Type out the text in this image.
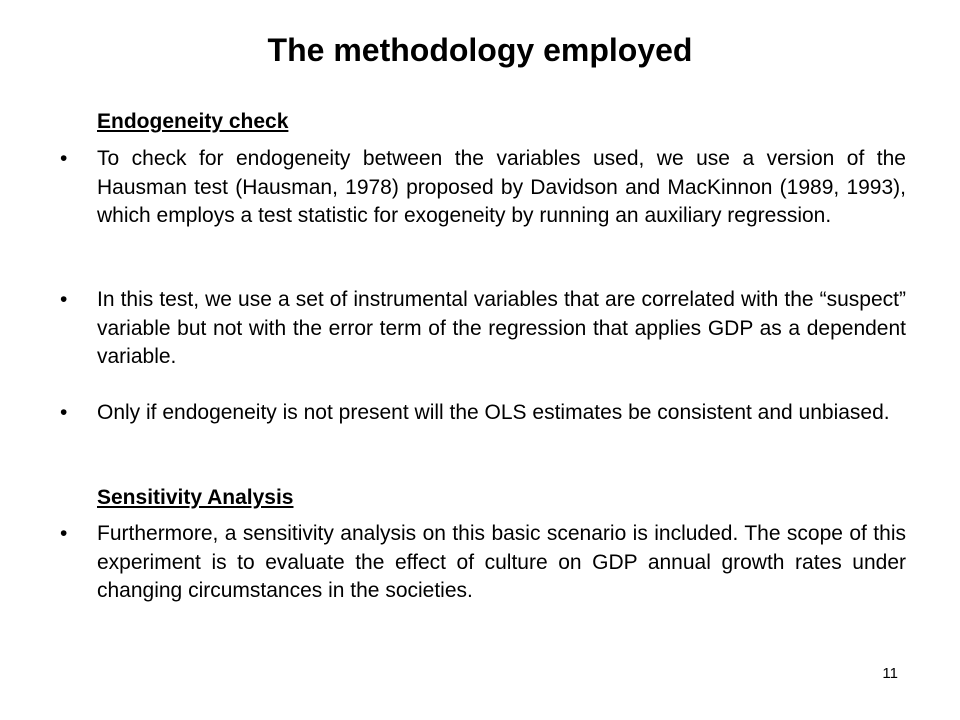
The methodology employed
Endogeneity check
•	To check for endogeneity between the variables used, we use a version of the Hausman test (Hausman, 1978) proposed by Davidson and MacKinnon (1989, 1993), which employs a test statistic for exogeneity by running an auxiliary regression.
•	In this test, we use a set of instrumental variables that are correlated with the “suspect” variable but not with the error term of the regression that applies GDP as a dependent variable.
•	Only if endogeneity is not present will the OLS estimates be consistent and unbiased.
Sensitivity Analysis
•	Furthermore, a sensitivity analysis on this basic scenario is included. The scope of this experiment is to evaluate the effect of culture on GDP annual growth rates under changing circumstances in the societies.
11
